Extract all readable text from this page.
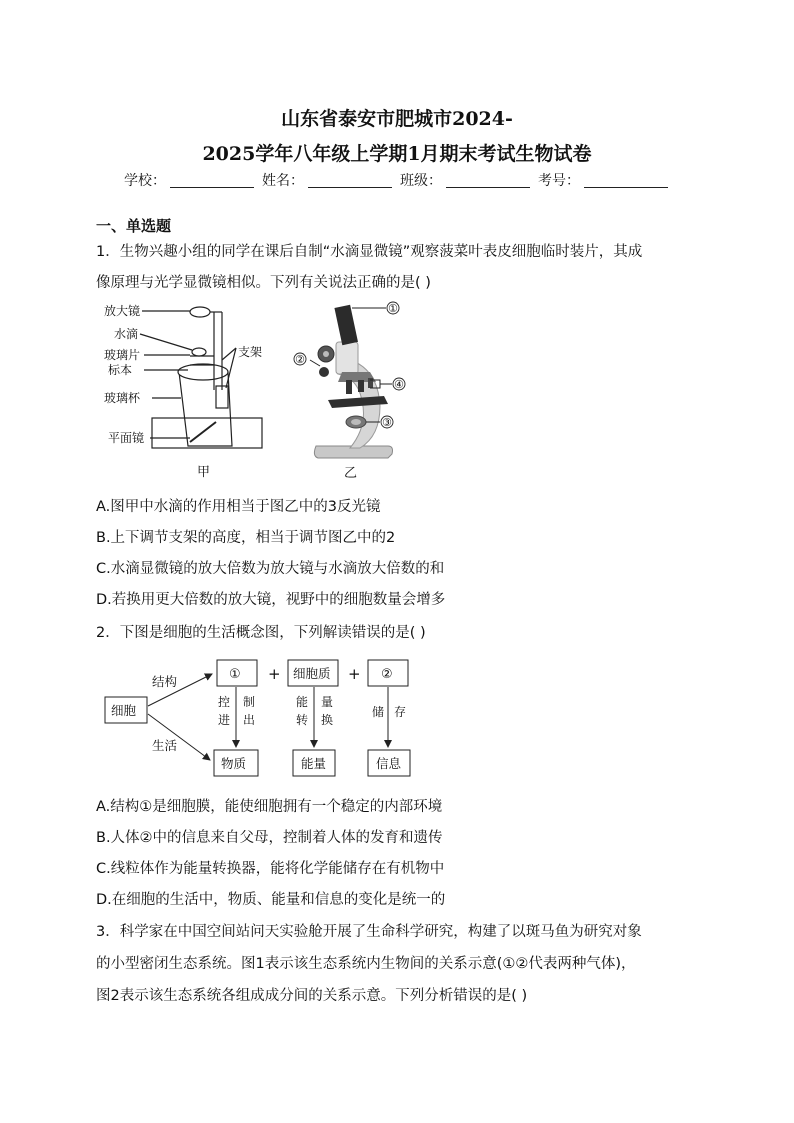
山东省泰安市肥城市2024-
2025学年八年级上学期1月期末考试生物试卷
学校：	姓名：	班级：	考号：
一、单选题
1．生物兴趣小组的同学在课后自制“水滴显微镜”观察菠菜叶表皮细胞临时装片，其成
像原理与光学显微镜相似。下列有关说法正确的是( )
放大镜
水滴
玻璃片
标本
玻璃杯
平面镜
支架
甲
①
②
④
③
乙
A.图甲中水滴的作用相当于图乙中的3反光镜
B.上下调节支架的高度，相当于调节图乙中的2
C.水滴显微镜的放大倍数为放大镜与水滴放大倍数的和
D.若换用更大倍数的放大镜，视野中的细胞数量会增多
2．下图是细胞的生活概念图，下列解读错误的是( )
细胞
结构
生活
① + 细胞质 + ②
物质	能量	信息
控
进
制
出
能
转
量
换
储 存
A.结构①是细胞膜，能使细胞拥有一个稳定的内部环境
B.人体②中的信息来自父母，控制着人体的发育和遗传
C.线粒体作为能量转换器，能将化学能储存在有机物中
D.在细胞的生活中，物质、能量和信息的变化是统一的
3．科学家在中国空间站问天实验舱开展了生命科学研究，构建了以斑马鱼为研究对象
的小型密闭生态系统。图1表示该生态系统内生物间的关系示意(①②代表两种气体)，
图2表示该生态系统各组成成分间的关系示意。下列分析错误的是( )
